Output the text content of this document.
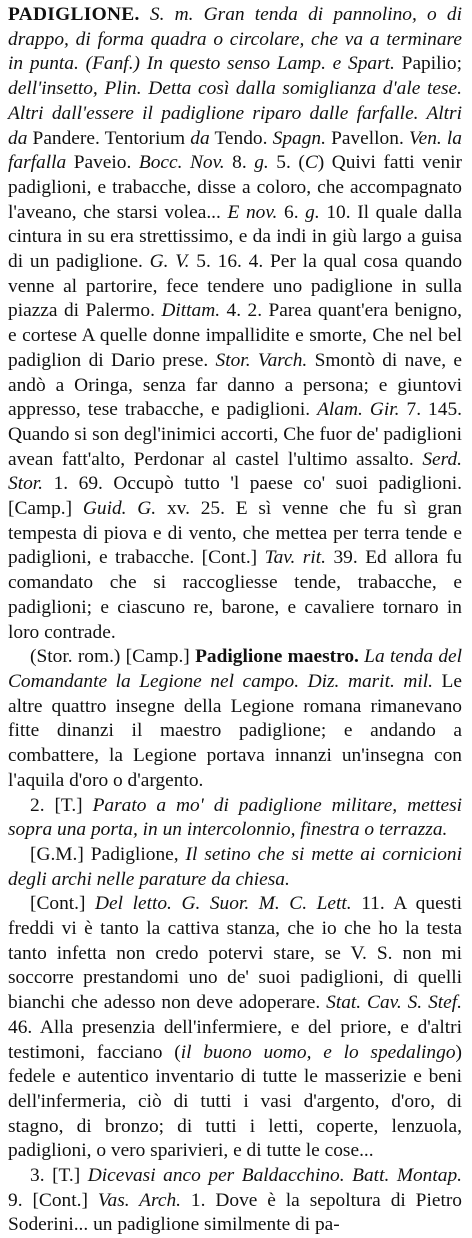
PADIGLIONE. S. m. Gran tenda di pannolino, o di drappo, di forma quadra o circolare, che va a terminare in punta. (Fanf.) In questo senso Lamp. e Spart. Papilio; dell'insetto, Plin. Detta così dalla somiglianza d'ale tese. Altri dall'essere il padiglione riparo dalle farfalle. Altri da Pandere. Tentorium da Tendo. Spagn. Pavellon. Ven. la farfalla Paveio. Bocc. Nov. 8. g. 5. (C) Quivi fatti venir padiglioni, e trabacche, disse a coloro, che accompagnato l'aveano, che starsi volea... E nov. 6. g. 10. Il quale dalla cintura in su era strettissimo, e da indi in giù largo a guisa di un padiglione. G. V. 5. 16. 4. Per la qual cosa quando venne al partorire, fece tendere uno padiglione in sulla piazza di Palermo. Dittam. 4. 2. Parea quant'era benigno, e cortese A quelle donne impallidite e smorte, Che nel bel padiglion di Dario prese. Stor. Varch. Smontò di nave, e andò a Oringa, senza far danno a persona; e giuntovi appresso, tese trabacche, e padiglioni. Alam. Gir. 7. 145. Quando si son degl'inimici accorti, Che fuor de' padiglioni avean fatt'alto, Perdonar al castel l'ultimo assalto. Serd. Stor. 1. 69. Occupò tutto 'l paese co' suoi padiglioni. [Camp.] Guid. G. xv. 25. E sì venne che fu sì gran tempesta di piova e di vento, che mettea per terra tende e padiglioni, e trabacche. [Cont.] Tav. rit. 39. Ed allora fu comandato che si raccogliesse tende, trabacche, e padiglioni; e ciascuno re, barone, e cavaliere tornaro in loro contrade.

(Stor. rom.) [Camp.] Padiglione maestro. La tenda del Comandante la Legione nel campo. Diz. marit. mil. Le altre quattro insegne della Legione romana rimanevano fitte dinanzi il maestro padiglione; e andando a combattere, la Legione portava innanzi un'insegna con l'aquila d'oro o d'argento.

2. [T.] Parato a mo' di padiglione militare, mettesi sopra una porta, in un intercolonnio, finestra o terrazza.

[G.M.] Padiglione, Il setino che si mette ai cornicioni degli archi nelle parature da chiesa.

[Cont.] Del letto. G. Suor. M. C. Lett. 11. A questi freddi vi è tanto la cattiva stanza, che io che ho la testa tanto infetta non credo potervi stare, se V. S. non mi soccorre prestandomi uno de' suoi padiglioni, di quelli bianchi che adesso non deve adoperare. Stat. Cav. S. Stef. 46. Alla presenzia dell'infermiere, e del priore, e d'altri testimoni, facciano (il buono uomo, e lo spedalingo) fedele e autentico inventario di tutte le masserizie e beni dell'infermeria, ciò di tutti i vasi d'argento, d'oro, di stagno, di bronzo; di tutti i letti, coperte, lenzuola, padiglioni, o vero sparivieri, e di tutte le cose...

3. [T.] Dicevasi anco per Baldacchino. Batt. Montap. 9. [Cont.] Vas. Arch. 1. Dove è la sepoltura di Pietro Soderini... un padiglione similmente di pa-
